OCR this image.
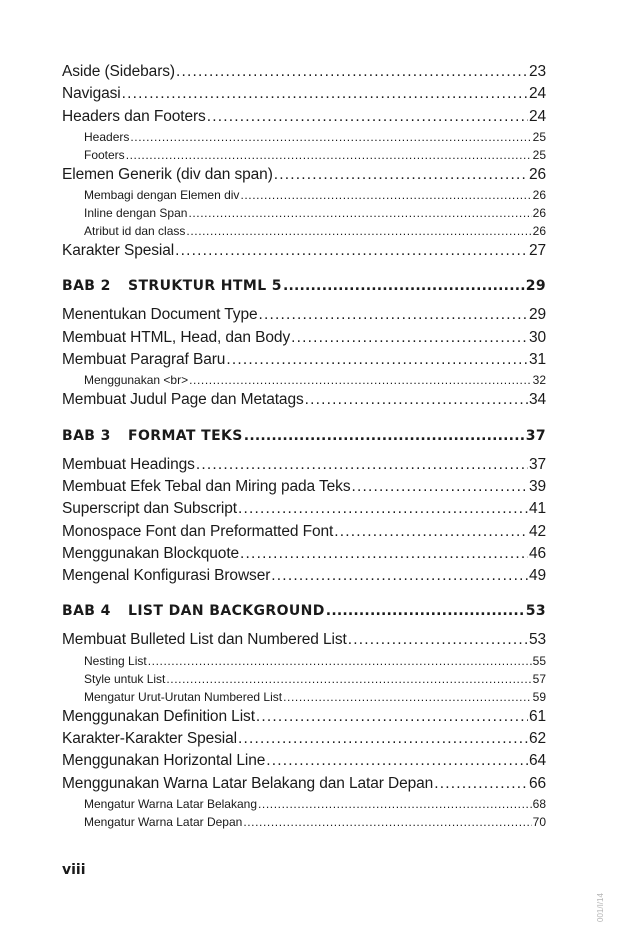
Aside (Sidebars) .....	23
Navigasi .....	24
Headers dan Footers .....	24
Headers .....	25
Footers .....	25
Elemen Generik (div dan span) .....	26
Membagi dengan Elemen div .....	26
Inline dengan Span .....	26
Atribut id dan class .....	26
Karakter Spesial .....	27
BAB 2 STRUKTUR HTML 5 .....	29
Menentukan Document Type .....	29
Membuat HTML, Head, dan Body .....	30
Membuat Paragraf Baru .....	31
Menggunakan <br> .....	32
Membuat Judul Page dan Metatags .....	34
BAB 3 FORMAT TEKS .....	37
Membuat Headings .....	37
Membuat Efek Tebal dan Miring pada Teks .....	39
Superscript dan Subscript .....	41
Monospace Font dan Preformatted Font .....	42
Menggunakan Blockquote .....	46
Mengenal Konfigurasi Browser .....	49
BAB 4 LIST DAN BACKGROUND .....	53
Membuat Bulleted List dan Numbered List .....	53
Nesting List .....	55
Style untuk List .....	57
Mengatur Urut-Urutan Numbered List .....	59
Menggunakan Definition List .....	61
Karakter-Karakter Spesial .....	62
Menggunakan Horizontal Line .....	64
Menggunakan Warna Latar Belakang dan Latar Depan .....	66
Mengatur Warna Latar Belakang .....	68
Mengatur Warna Latar Depan .....	70
viii
001/I/14
